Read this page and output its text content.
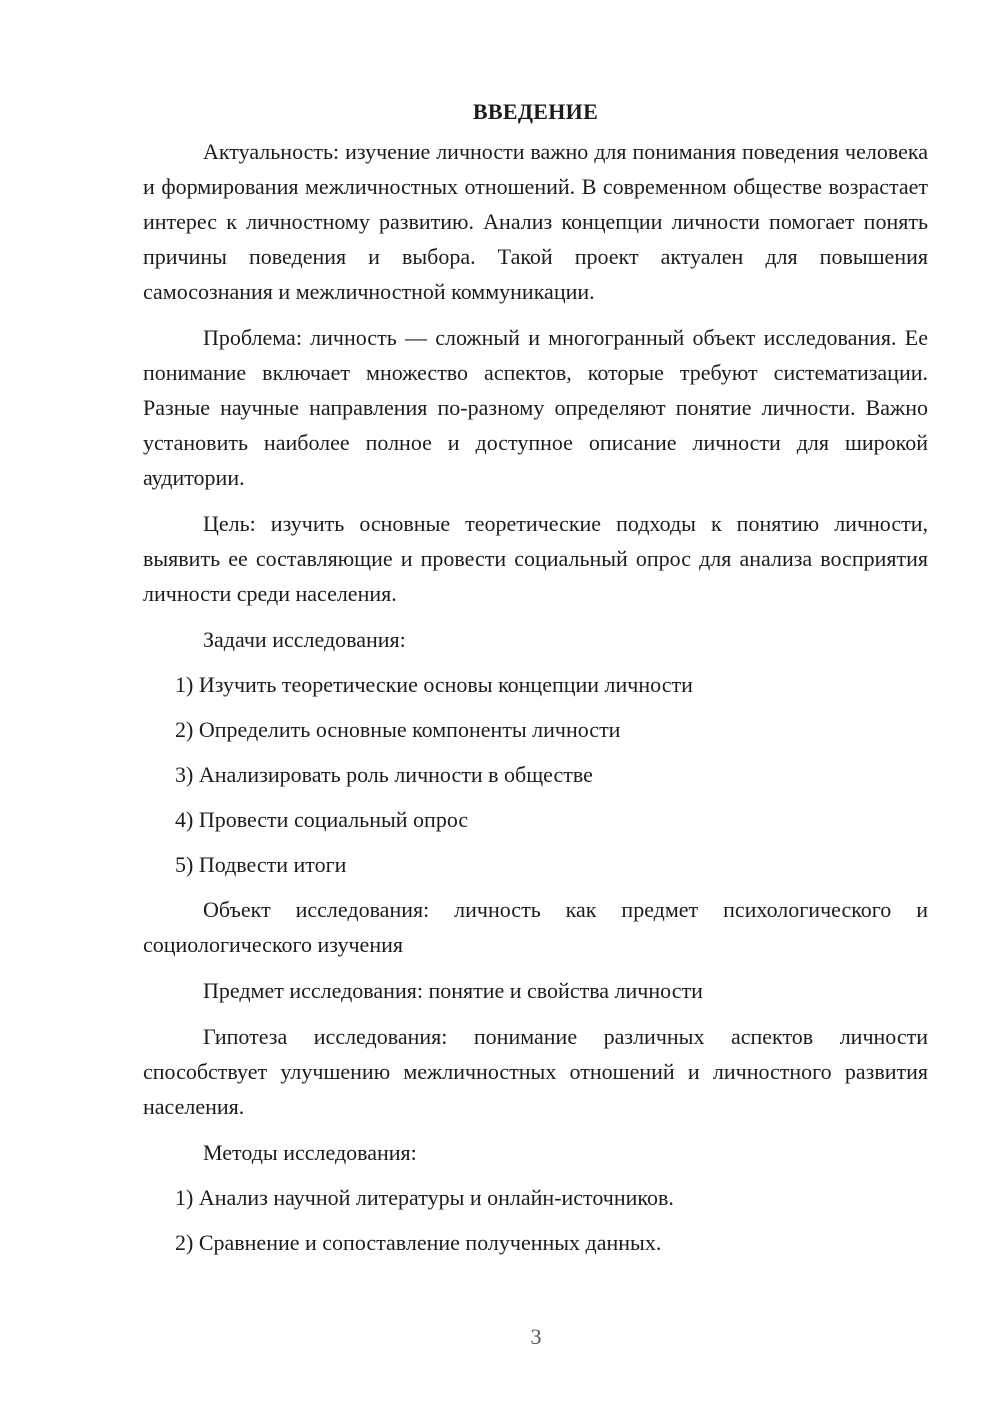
ВВЕДЕНИЕ

Актуальность: изучение личности важно для понимания поведения человека и формирования межличностных отношений. В современном обществе возрастает интерес к личностному развитию. Анализ концепции личности помогает понять причины поведения и выбора. Такой проект актуален для повышения самосознания и межличностной коммуникации.

Проблема: личность — сложный и многогранный объект исследования. Ее понимание включает множество аспектов, которые требуют систематизации. Разные научные направления по-разному определяют понятие личности. Важно установить наиболее полное и доступное описание личности для широкой аудитории.

Цель: изучить основные теоретические подходы к понятию личности, выявить ее составляющие и провести социальный опрос для анализа восприятия личности среди населения.

Задачи исследования:

1) Изучить теоретические основы концепции личности

2) Определить основные компоненты личности

3) Анализировать роль личности в обществе

4) Провести социальный опрос

5) Подвести итоги

Объект исследования: личность как предмет психологического и социологического изучения

Предмет исследования: понятие и свойства личности

Гипотеза исследования: понимание различных аспектов личности способствует улучшению межличностных отношений и личностного развития населения.

Методы исследования:

1) Анализ научной литературы и онлайн-источников.

2) Сравнение и сопоставление полученных данных.

3
